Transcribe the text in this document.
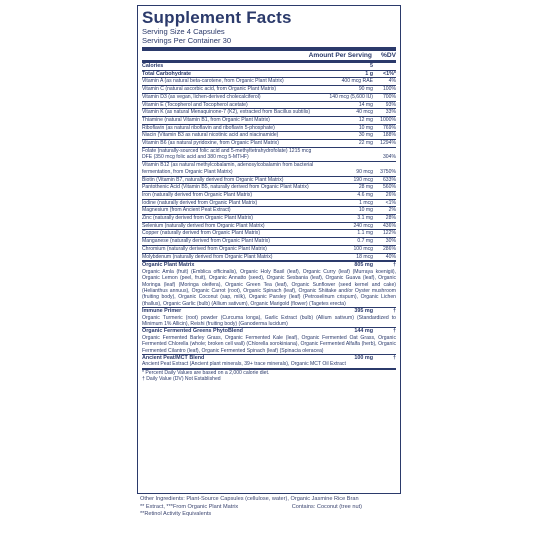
Supplement Facts
Serving Size 4 Capsules
Servings Per Container 30
Amount Per Serving %DV
Calories	5
Total Carbohydrate	1 g	<1%*
Vitamin A (as natural beta-carotene, from Organic Plant Matrix)	400 mcg RAE	4%
Vitamin C (natural ascorbic acid, from Organic Plant Matrix)	90 mg	100%
Vitamin D3 (as vegan, lichen-derived cholecalciferol)	140 mcg (5,600 IU)	700%
Vitamin E (Tocopherol and Tocopherol acetate)	14 mg	93%
Vitamin K (as natural Menaquinone-7 (K2), extracted from Bacillus subtilis)	40 mcg	33%
Thiamine (natural Vitamin B1, from Organic Plant Matrix)	12 mg	1000%
Riboflavin (as natural riboflavin and riboflavin 5-phosphate)	10 mg	769%
Niacin (Vitamin B3 as natural nicotinic acid and niacinamide)	30 mg	188%
Vitamin B6 (as natural pyridoxine, from Organic Plant Matrix)	22 mg	1294%
Folate (naturally-sourced folic acid and 5-methyltetrahydrofolate) 1215 mcg DFE (350 mcg folic acid and 380 mcg 5-MTHF)	304%
Vitamin B12 (as natural methylcobalamin, adenosylcobalamin from bacterial fermentation, from Organic Plant Matrix)	90 mcg	3750%
Biotin (Vitamin B7, naturally derived from Organic Plant Matrix)	190 mcg	633%
Pantothenic Acid (Vitamin B5, naturally derived from Organic Plant Matrix)	28 mg	560%
Iron (naturally derived from Organic Plant Matrix)	4.6 mg	26%
Iodine (naturally derived from Organic Plant Matrix)	1 mcg	<1%
Magnesium (from Ancient Peat Extract)	10 mg	2%
Zinc (naturally derived from Organic Plant Matrix)	3.1 mg	28%
Selenium (naturally derived from Organic Plant Matrix)	240 mcg	436%
Copper (naturally derived from Organic Plant Matrix)	1.1 mg	122%
Manganese (naturally derived from Organic Plant Matrix)	0.7 mg	30%
Chromium (naturally derived from Organic Plant Matrix)	100 mcg	286%
Molybdenum (naturally derived from Organic Plant Matrix)	18 mcg	40%
Organic Plant Matrix	805 mg	†
Organic Amla (fruit) (Emblica officinalis), Organic Holy Basil (leaf), Organic Curry (leaf) (Murraya koenigii), Organic Lemon (peel, fruit), Organic Annatto (seed), Organic Sesbania (leaf), Organic Guava (leaf), Organic Moringa (leaf) (Moringa oleifera), Organic Green Tea (leaf), Organic Sunflower (seed kernel and cake) (Helianthus annuus), Organic Carrot (root), Organic Spinach (leaf), Organic Shiitake and/or Oyster mushroom (fruiting body), Organic Coconut (sap, milk), Organic Parsley (leaf) (Petroselinum crispum), Organic Lichen (thallus), Organic Garlic (bulb) (Allium sativum), Organic Marigold (flower) (Tagetes erecta)
Immune Primer	395 mg	†
Organic Turmeric (root) powder (Curcuma longa), Garlic Extract (bulb) (Allium sativum) (Standardized to Minimum 1% Allicin), Reishi (fruiting body) (Ganoderma lucidum)
Organic Fermented Greens PhytoBlend	144 mg	†
Organic Fermented Barley Grass, Organic Fermented Kale (leaf), Organic Fermented Oat Grass, Organic Fermented Chlorella (whole; broken cell wall) (Chlorella sorokiniana), Organic Fermented Alfalfa (herb), Organic Fermented Cilantro (leaf), Organic Fermented Spinach (leaf) (Spinacia oleracea)
Ancient Peat/MCT Blend	100 mg	†
Ancient Peat Extract (Ancient plant minerals, 39+ trace minerals), Organic MCT Oil Extract
* Percent Daily Values are based on a 2,000 calorie diet.
† Daily Value (DV) Not Established
Other Ingredients: Plant-Source Capsules (cellulose, water), Organic Jasmine Rice Bran
** Extract, ***From Organic Plant Matrix	Contains: Coconut (tree nut)
**Retinol Activity Equivalents
